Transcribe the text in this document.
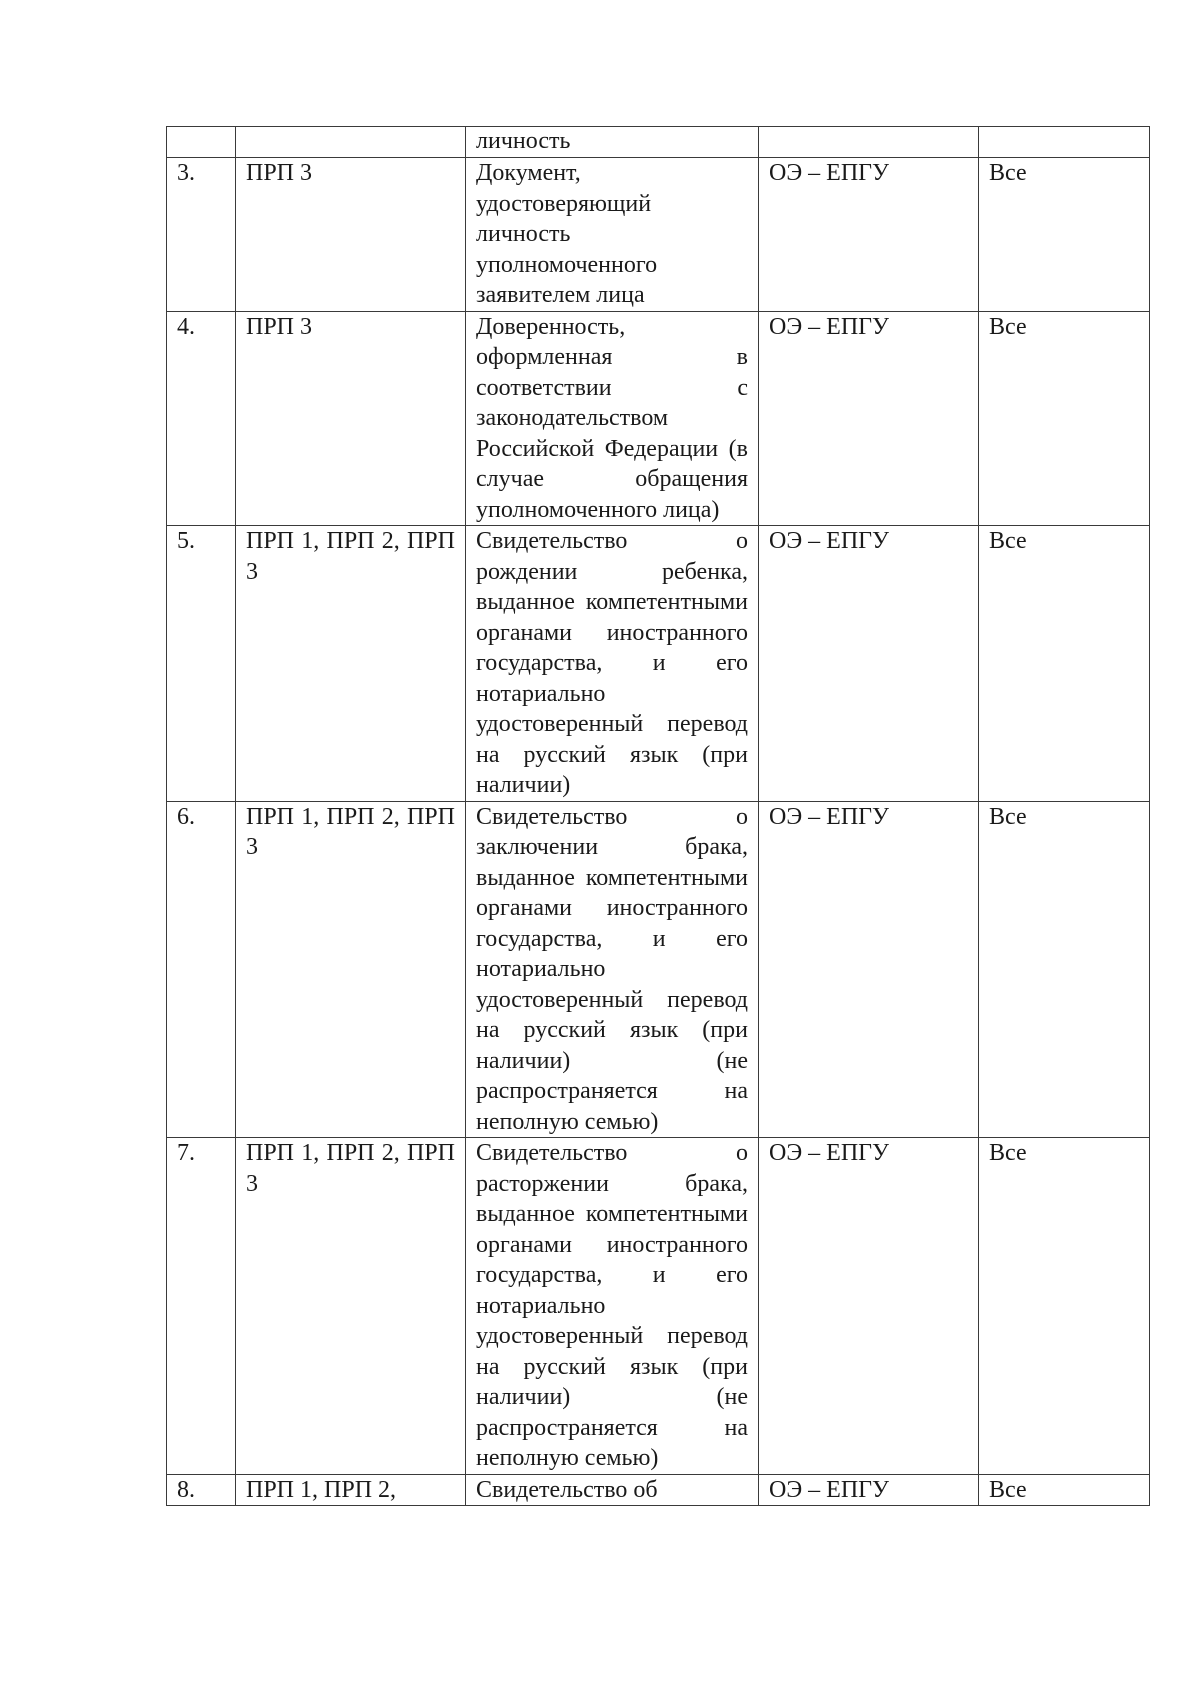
		личность		
3.	ПРП 3	Документ, удостоверяющий личность уполномоченного заявителем лица	ОЭ – ЕПГУ	Все
4.	ПРП 3	Доверенность, оформленная в соответствии с законодательством Российской Федерации (в случае обращения уполномоченного лица)	ОЭ – ЕПГУ	Все
5.	ПРП 1, ПРП 2, ПРП 3	Свидетельство о рождении ребенка, выданное компетентными органами иностранного государства, и его нотариально удостоверенный перевод на русский язык (при наличии)	ОЭ – ЕПГУ	Все
6.	ПРП 1, ПРП 2, ПРП 3	Свидетельство о заключении брака, выданное компетентными органами иностранного государства, и его нотариально удостоверенный перевод на русский язык (при наличии) (не распространяется на неполную семью)	ОЭ – ЕПГУ	Все
7.	ПРП 1, ПРП 2, ПРП 3	Свидетельство о расторжении брака, выданное компетентными органами иностранного государства, и его нотариально удостоверенный перевод на русский язык (при наличии) (не распространяется на неполную семью)	ОЭ – ЕПГУ	Все
8.	ПРП 1, ПРП 2,	Свидетельство об	ОЭ – ЕПГУ	Все
